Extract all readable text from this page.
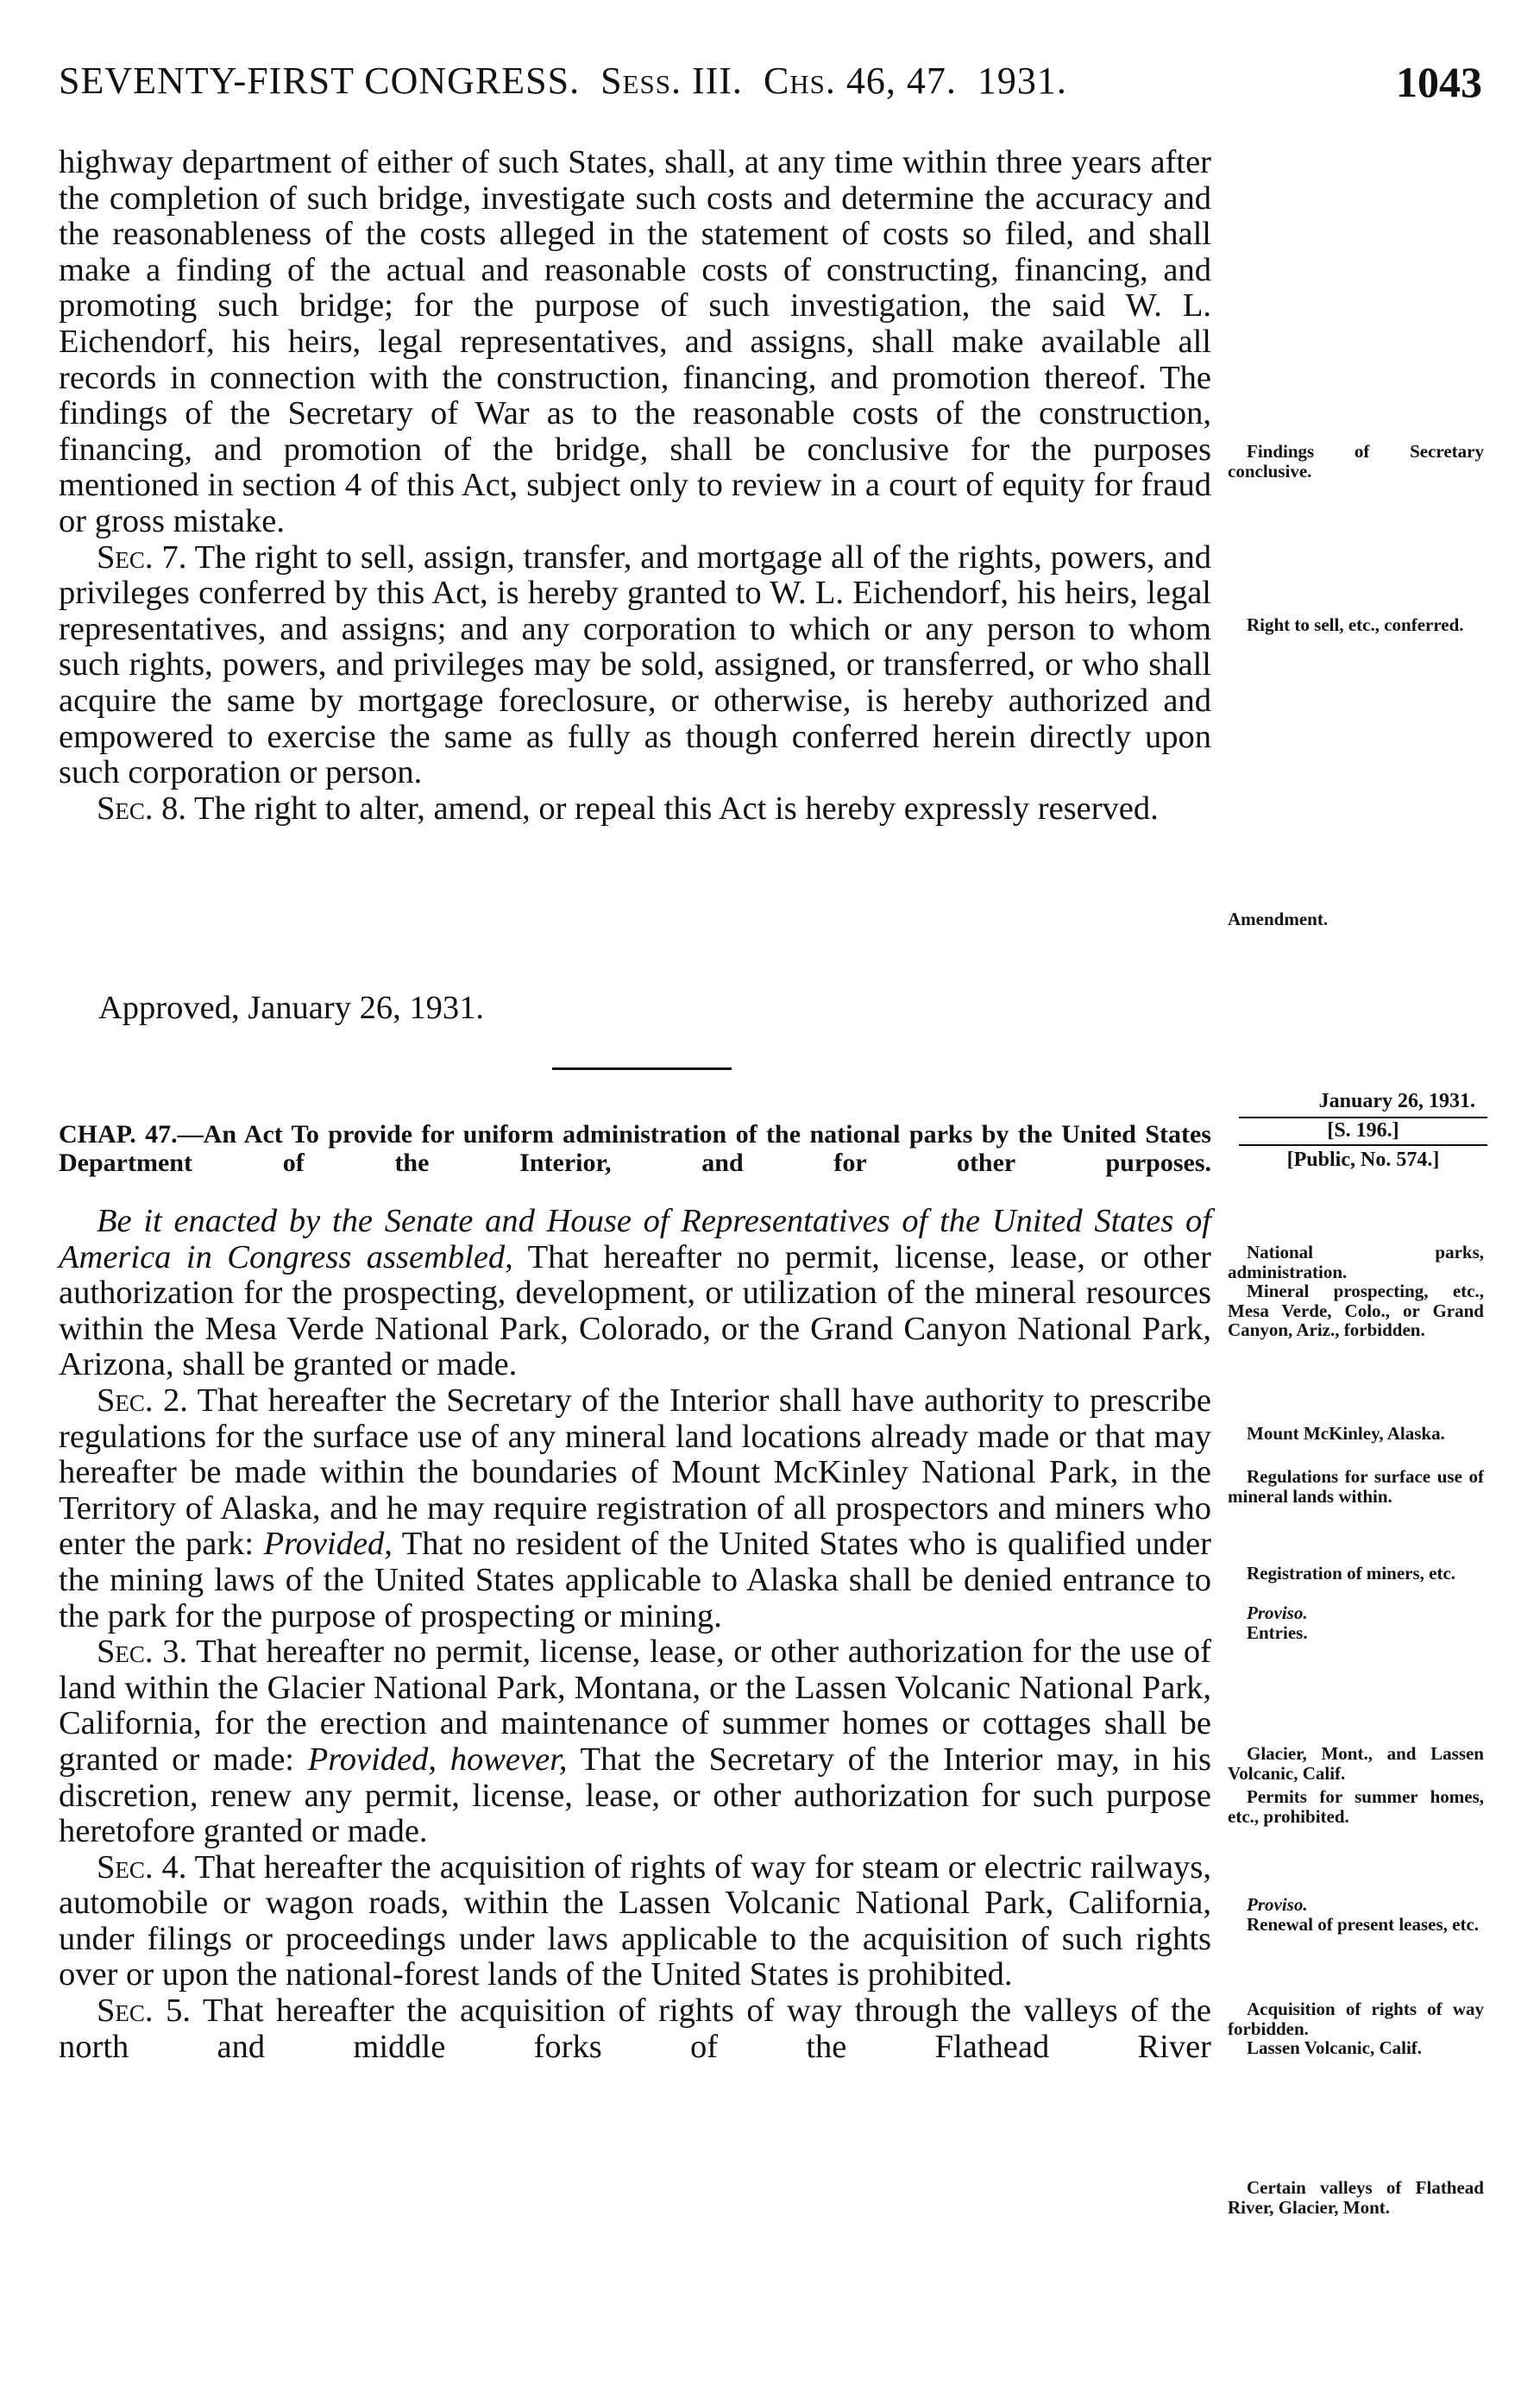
SEVENTY-FIRST CONGRESS. Sess. III. Chs. 46, 47. 1931.	1043

highway department of either of such States, shall, at any time within three years after the completion of such bridge, investigate such costs and determine the accuracy and the reasonableness of the costs alleged in the statement of costs so filed, and shall make a finding of the actual and reasonable costs of constructing, financing, and promoting such bridge; for the purpose of such investigation, the said W. L. Eichendorf, his heirs, legal representatives, and assigns, shall make available all records in connection with the construction, financing, and promotion thereof. The findings of the Secretary of War as to the reasonable costs of the construction, financing, and promotion of the bridge, shall be conclusive for the purposes mentioned in section 4 of this Act, subject only to review in a court of equity for fraud or gross mistake.

Sec. 7. The right to sell, assign, transfer, and mortgage all of the rights, powers, and privileges conferred by this Act, is hereby granted to W. L. Eichendorf, his heirs, legal representatives, and assigns; and any corporation to which or any person to whom such rights, powers, and privileges may be sold, assigned, or transferred, or who shall acquire the same by mortgage foreclosure, or otherwise, is hereby authorized and empowered to exercise the same as fully as though conferred herein directly upon such corporation or person.

Sec. 8. The right to alter, amend, or repeal this Act is hereby expressly reserved.

Approved, January 26, 1931.
January 26, 1931.
[S. 196.]
[Public, No. 574.]
CHAP. 47.—An Act To provide for uniform administration of the national parks by the United States Department of the Interior, and for other purposes.

Be it enacted by the Senate and House of Representatives of the United States of America in Congress assembled, That hereafter no permit, license, lease, or other authorization for the prospecting, development, or utilization of the mineral resources within the Mesa Verde National Park, Colorado, or the Grand Canyon National Park, Arizona, shall be granted or made.

Sec. 2. That hereafter the Secretary of the Interior shall have authority to prescribe regulations for the surface use of any mineral land locations already made or that may hereafter be made within the boundaries of Mount McKinley National Park, in the Territory of Alaska, and he may require registration of all prospectors and miners who enter the park: Provided, That no resident of the United States who is qualified under the mining laws of the United States applicable to Alaska shall be denied entrance to the park for the purpose of prospecting or mining.

Sec. 3. That hereafter no permit, license, lease, or other authorization for the use of land within the Glacier National Park, Montana, or the Lassen Volcanic National Park, California, for the erection and maintenance of summer homes or cottages shall be granted or made: Provided, however, That the Secretary of the Interior may, in his discretion, renew any permit, license, lease, or other authorization for such purpose heretofore granted or made.

Sec. 4. That hereafter the acquisition of rights of way for steam or electric railways, automobile or wagon roads, within the Lassen Volcanic National Park, California, under filings or proceedings under laws applicable to the acquisition of such rights over or upon the national-forest lands of the United States is prohibited.

Sec. 5. That hereafter the acquisition of rights of way through the valleys of the north and middle forks of the Flathead River

Findings of Secretary conclusive.
Right to sell, etc., conferred.
Amendment.
National parks, administration.
Mineral prospecting, etc., Mesa Verde, Colo., or Grand Canyon, Ariz., forbidden.
Mount McKinley, Alaska.
Regulations for surface use of mineral lands within.
Registration of miners, etc.
Proviso.
Entries.
Glacier, Mont., and Lassen Volcanic, Calif.
Permits for summer homes, etc., prohibited.
Proviso.
Renewal of present leases, etc.
Acquisition of rights of way forbidden.
Lassen Volcanic, Calif.
Certain valleys of Flathead River, Glacier, Mont.
